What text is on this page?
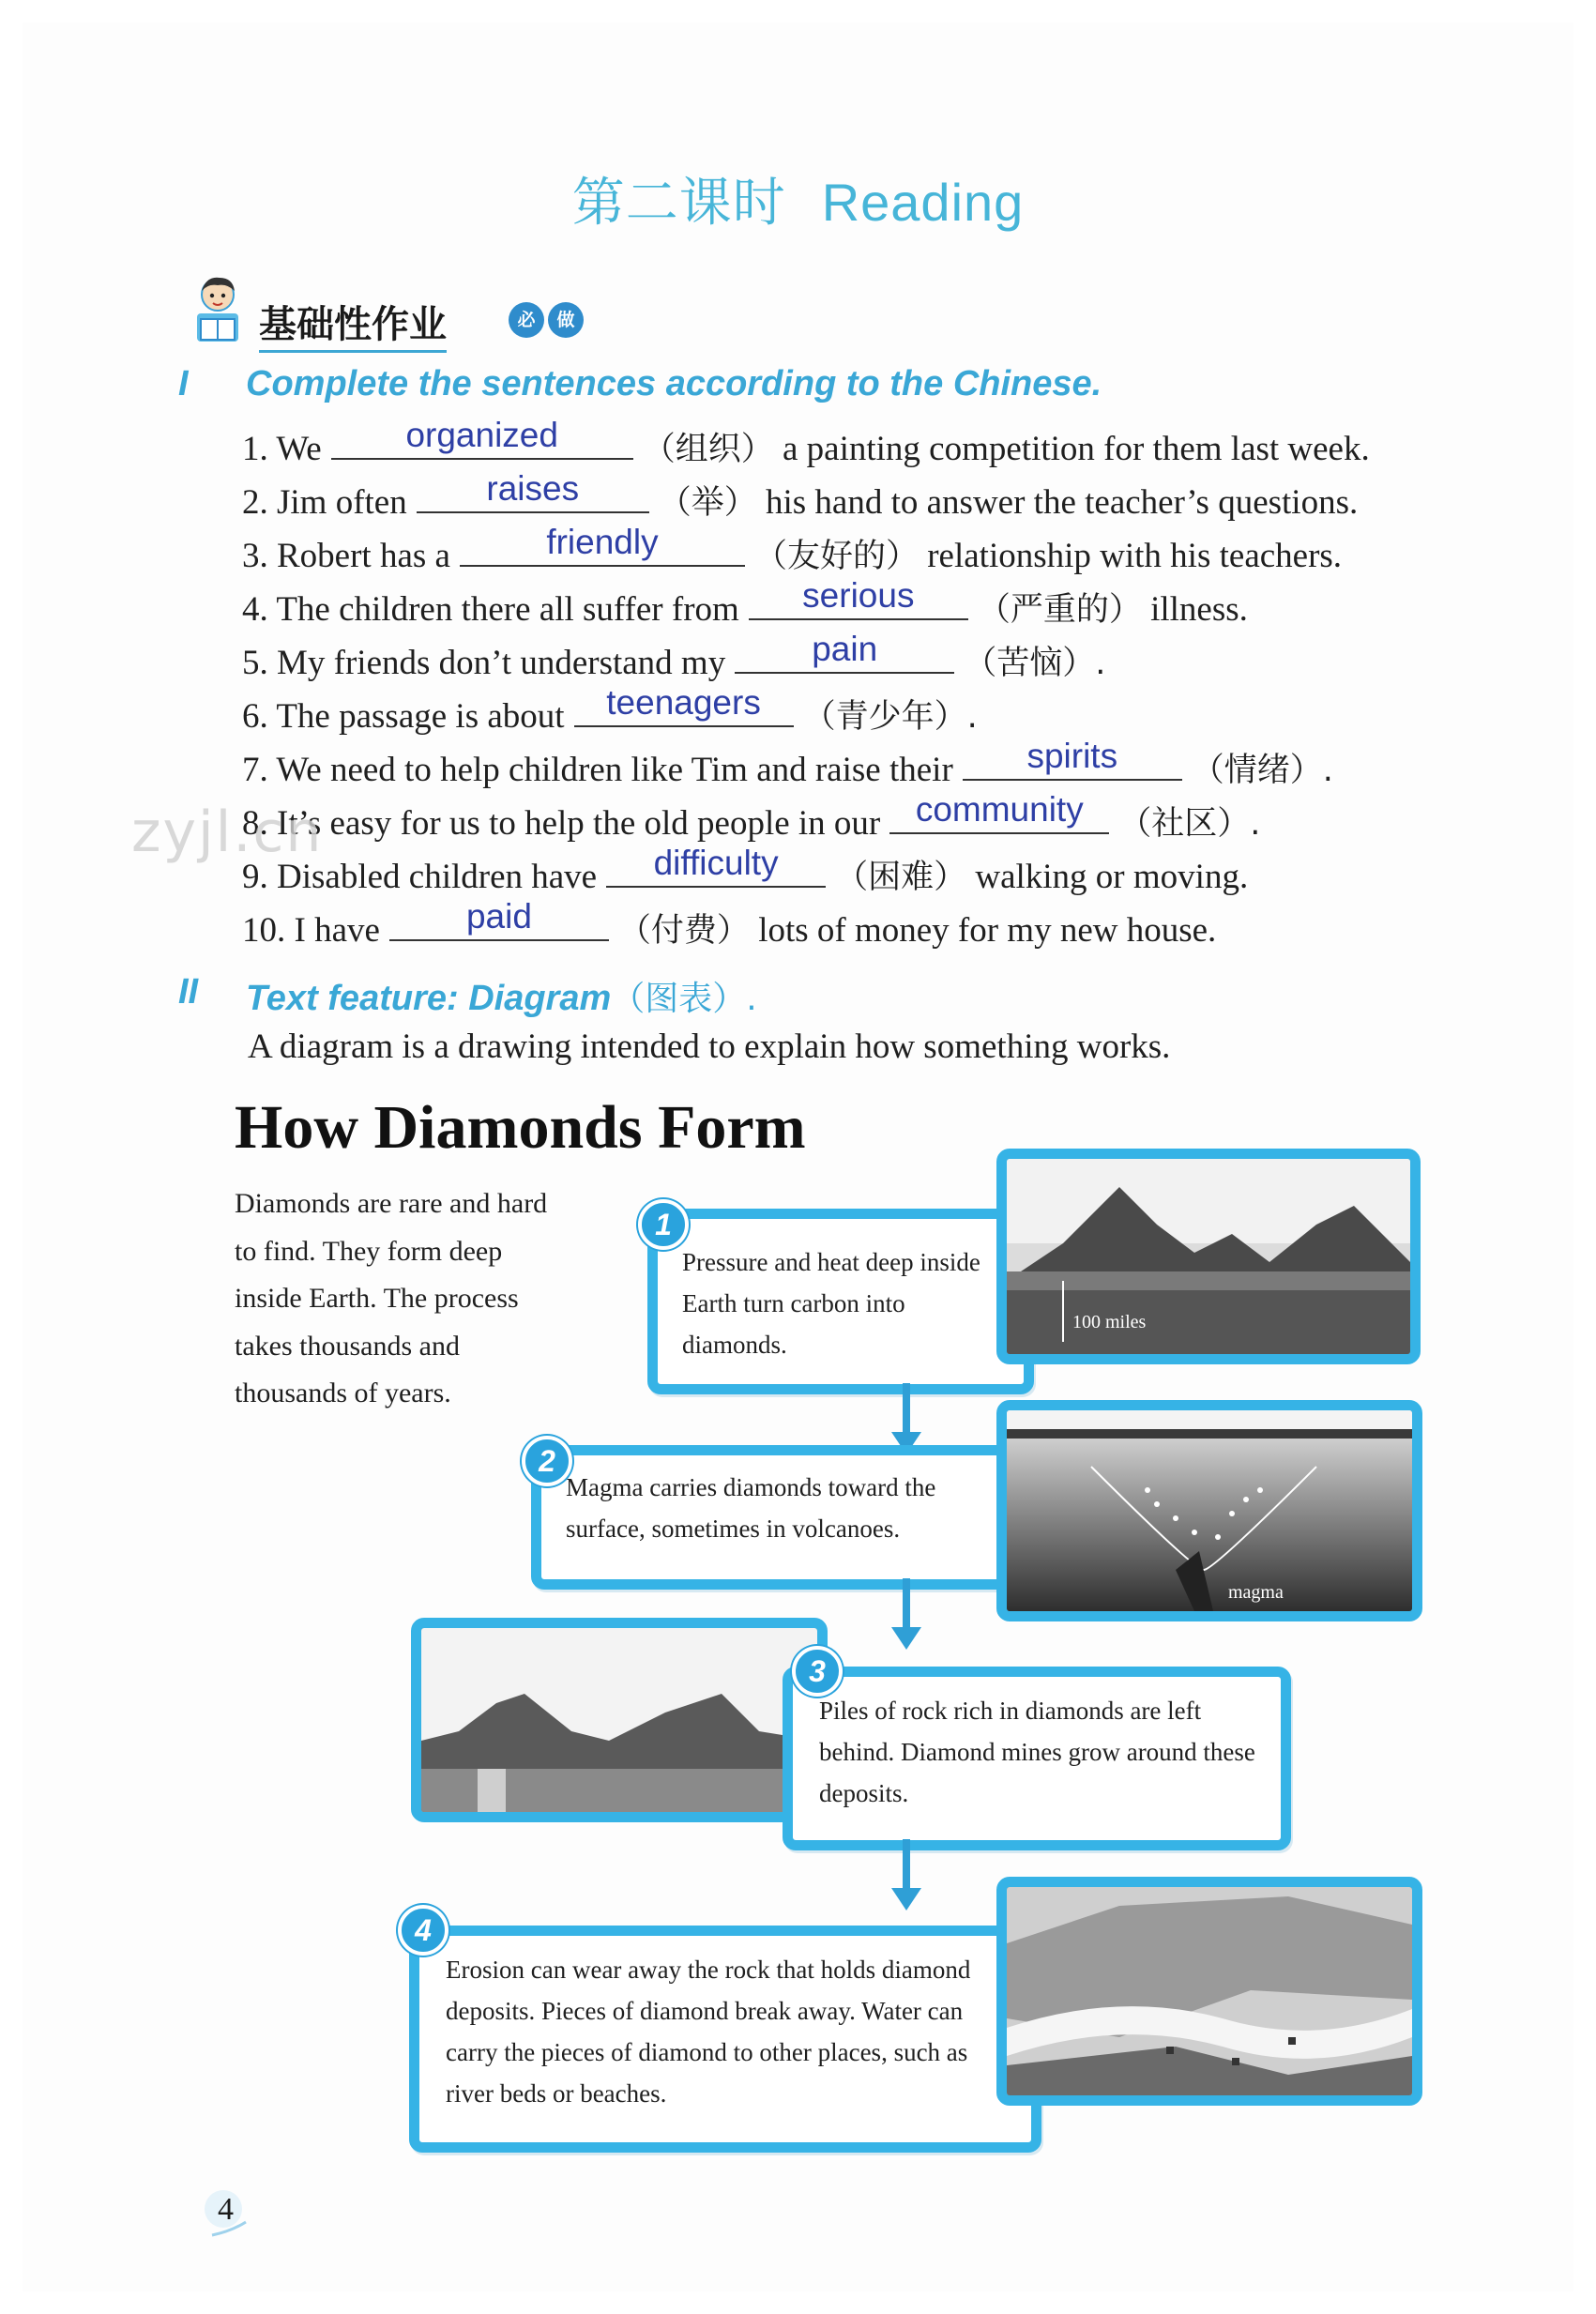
第二课时 Reading
基础性作业	必	做
I Complete the sentences according to the Chinese.
1. We	organized	（组织） a painting competition for them last week.
2. Jim often	raises	（举） his hand to answer the teacher’s questions.
3. Robert has a	friendly	（友好的） relationship with his teachers.
4. The children there all suffer from	serious	（严重的） illness.
5. My friends don’t understand my	pain	（苦恼）.
6. The passage is about	teenagers	（青少年）.
7. We need to help children like Tim and raise their	spirits	（情绪）.
8. It’s easy for us to help the old people in our	community	（社区）.
9. Disabled children have	difficulty	（困难） walking or moving.
10. I have	paid	（付费） lots of money for my new house.
zyjl.cn
II Text feature: Diagram（图表）.
A diagram is a drawing intended to explain how something works.
How Diamonds Form
Diamonds are rare and hard to find. They form deep inside Earth. The process takes thousands and thousands of years.
Pressure and heat deep inside Earth turn carbon into diamonds.
1
100 miles
Magma carries diamonds toward the surface, sometimes in volcanoes.
2
magma
Piles of rock rich in diamonds are left behind. Diamond mines grow around these deposits.
3
Erosion can wear away the rock that holds diamond deposits. Pieces of diamond break away. Water can carry the pieces of diamond to other places, such as river beds or beaches.
4
4
